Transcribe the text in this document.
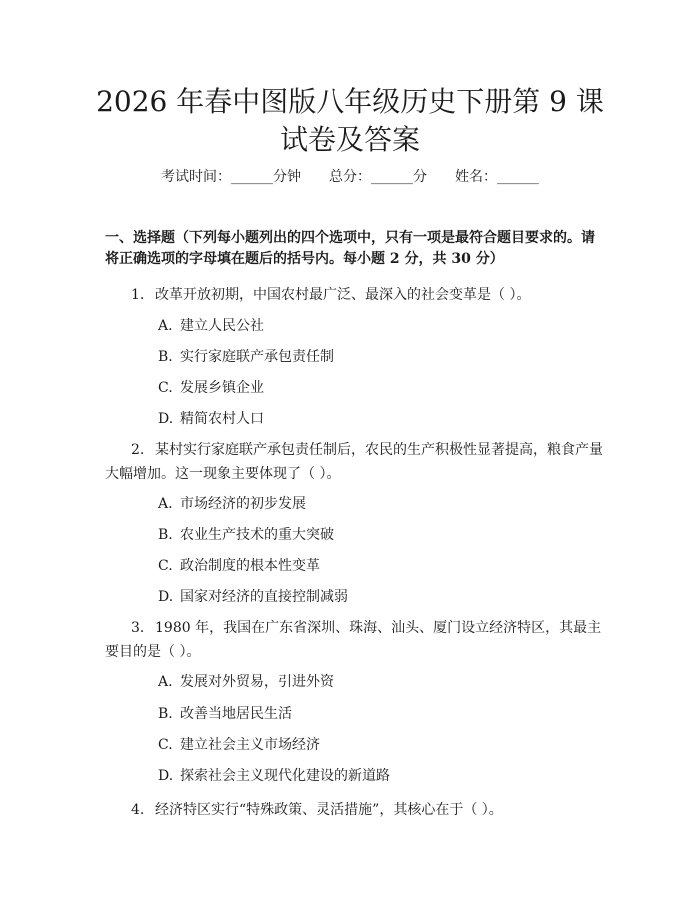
2026 年春中图版八年级历史下册第 9 课试卷及答案
考试时间：______分钟 总分：______分 姓名：______
一、选择题（下列每小题列出的四个选项中，只有一项是最符合题目要求的。请将正确选项的字母填在题后的括号内。每小题 2 分，共 30 分）
1. 改革开放初期，中国农村最广泛、最深入的社会变革是（ ）。
A. 建立人民公社
B. 实行家庭联产承包责任制
C. 发展乡镇企业
D. 精简农村人口
2. 某村实行家庭联产承包责任制后，农民的生产积极性显著提高，粮食产量大幅增加。这一现象主要体现了（ ）。
A. 市场经济的初步发展
B. 农业生产技术的重大突破
C. 政治制度的根本性变革
D. 国家对经济的直接控制减弱
3. 1980 年，我国在广东省深圳、珠海、汕头、厦门设立经济特区，其最主要目的是（ ）。
A. 发展对外贸易，引进外资
B. 改善当地居民生活
C. 建立社会主义市场经济
D. 探索社会主义现代化建设的新道路
4. 经济特区实行“特殊政策、灵活措施”，其核心在于（ ）。
